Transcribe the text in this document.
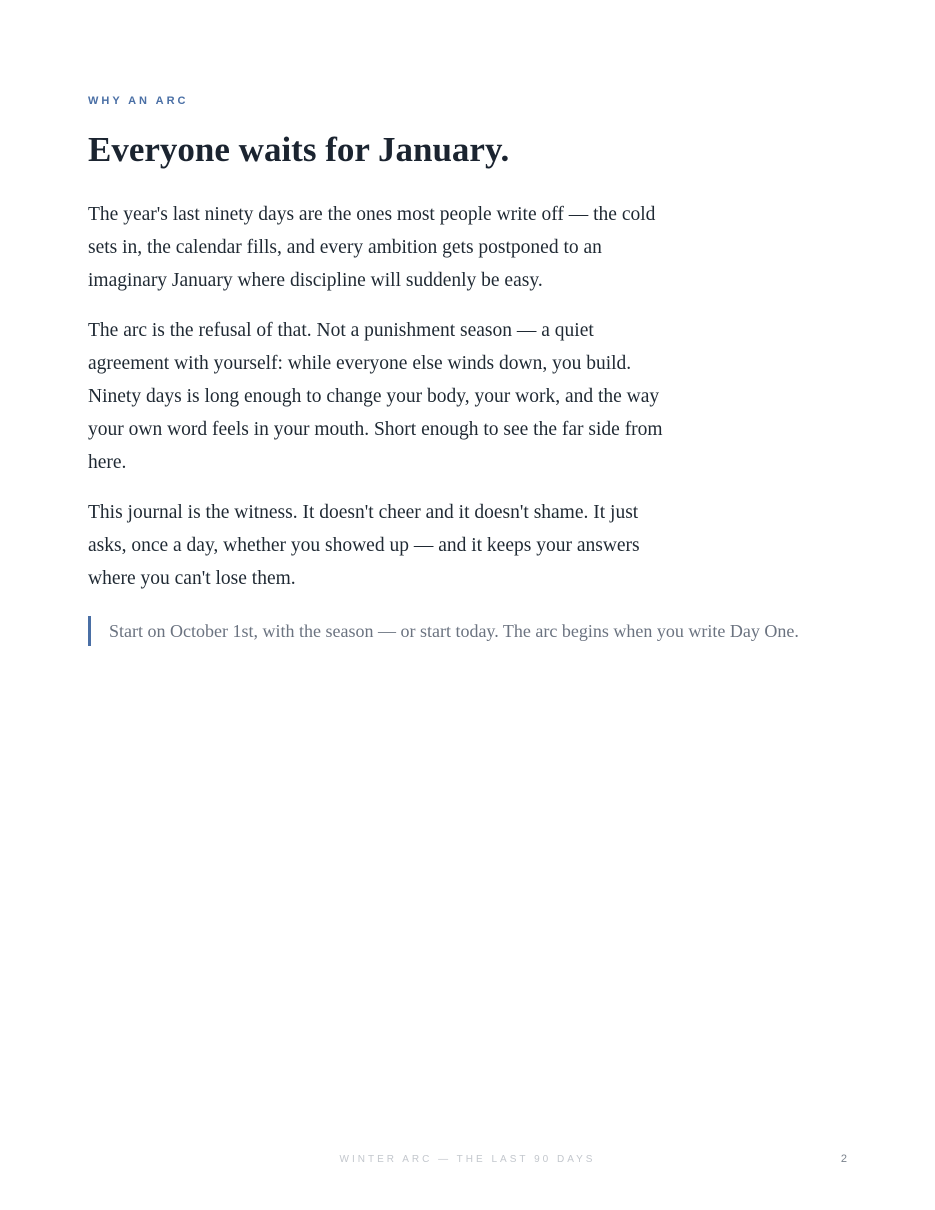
WHY AN ARC

Everyone waits for January.

The year's last ninety days are the ones most people write off — the cold sets in, the calendar fills, and every ambition gets postponed to an imaginary January where discipline will suddenly be easy.

The arc is the refusal of that. Not a punishment season — a quiet agreement with yourself: while everyone else winds down, you build. Ninety days is long enough to change your body, your work, and the way your own word feels in your mouth. Short enough to see the far side from here.

This journal is the witness. It doesn't cheer and it doesn't shame. It just asks, once a day, whether you showed up — and it keeps your answers where you can't lose them.

Start on October 1st, with the season — or start today. The arc begins when you write Day One.
WINTER ARC — THE LAST 90 DAYS	2
